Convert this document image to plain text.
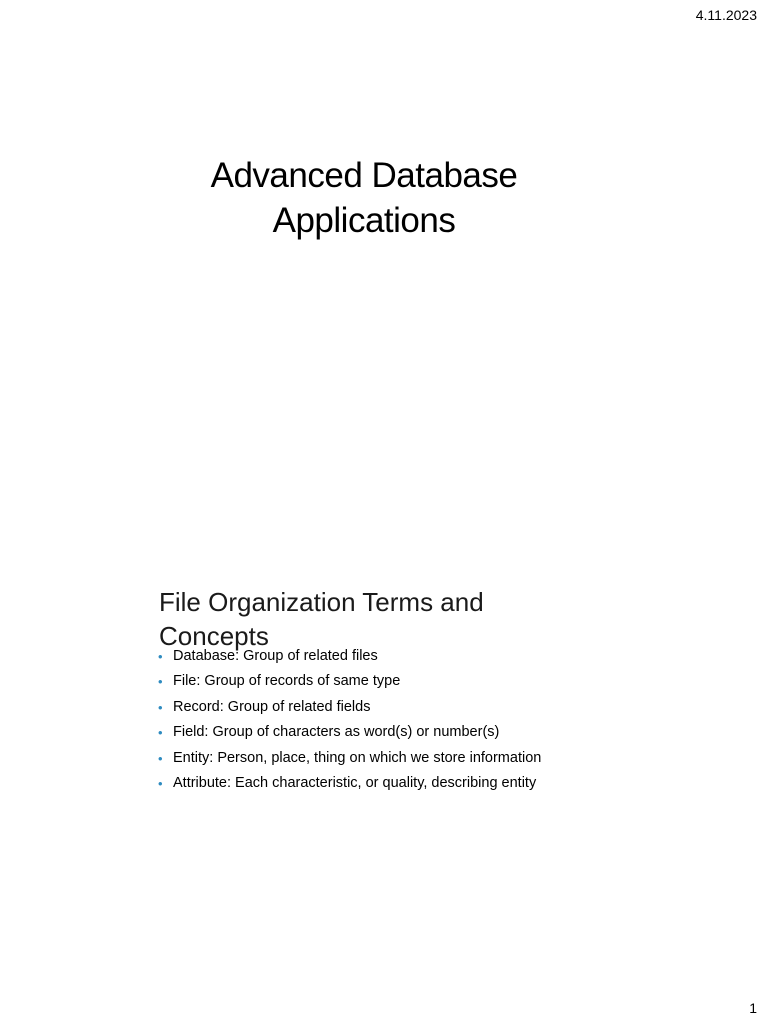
4.11.2023
Advanced Database
Applications
File Organization Terms and
Concepts
• Database: Group of related files
• File: Group of records of same type
• Record: Group of related fields
• Field: Group of characters as word(s) or number(s)
• Entity: Person, place, thing on which we store information
• Attribute: Each characteristic, or quality, describing entity
1
